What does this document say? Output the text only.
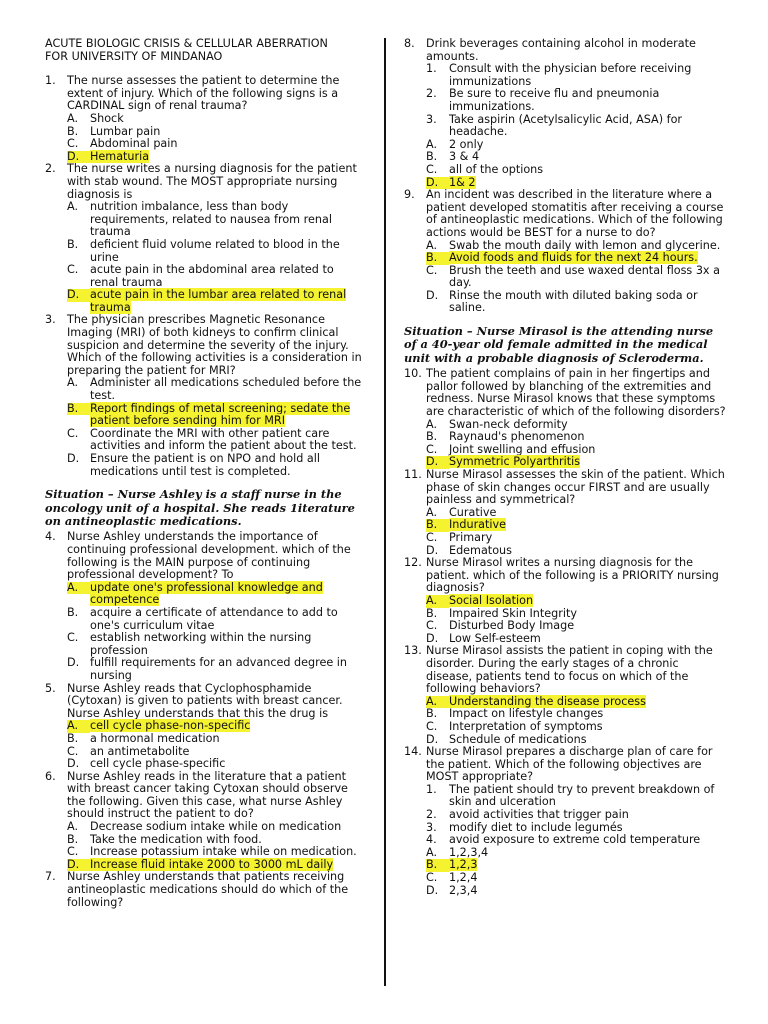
ACUTE BIOLOGIC CRISIS & CELLULAR ABERRATION
FOR UNIVERSITY OF MINDANAO
1.	The nurse assesses the patient to determine the extent of injury. Which of the following signs is a CARDINAL sign of renal trauma?
A.	Shock
B.	Lumbar pain
C.	Abdominal pain
D. Hematuria
2.	The nurse writes a nursing diagnosis for the patient with stab wound. The MOST appropriate nursing diagnosis is
A.	nutrition imbalance, less than body requirements, related to nausea from renal trauma
B.	deficient fluid volume related to blood in the urine
C.	acute pain in the abdominal area related to renal trauma
D. acute pain in the lumbar area related to renal trauma
3.	The physician prescribes Magnetic Resonance Imaging (MRI) of both kidneys to confirm clinical suspicion and determine the severity of the injury. Which of the following activities is a consideration in preparing the patient for MRI?
A.	Administer all medications scheduled before the test.
B.	Report findings of metal screening; sedate the patient before sending him for MRI
C.	Coordinate the MRI with other patient care activities and inform the patient about the test.
D. Ensure the patient is on NPO and hold all medications until test is completed.
Situation – Nurse Ashley is a staff nurse in the oncology unit of a hospital. She reads 1iterature on antineoplastic medications.
4.	Nurse Ashley understands the importance of continuing professional development. which of the following is the MAIN purpose of continuing professional development? To
A.	update one's professional knowledge and competence
B.	acquire a certificate of attendance to add to one's curriculum vitae
C.	establish networking within the nursing profession
D. fulfill requirements for an advanced degree in nursing
5.	Nurse Ashley reads that Cyclophosphamide (Cytoxan) is given to patients with breast cancer. Nurse Ashley understands that this the drug is
A.	cell cycle phase-non-specific
B.	a hormonal medication
C.	an antimetabolite
D. cell cycle phase-specific
6.	Nurse Ashley reads in the literature that a patient with breast cancer taking Cytoxan should observe the following. Given this case, what nurse Ashley should instruct the patient to do?
A.	Decrease sodium intake while on medication
B.	Take the medication with food.
C.	Increase potassium intake while on medication.
D. Increase fluid intake 2000 to 3000 mL daily
7.	Nurse Ashley understands that patients receiving antineoplastic medications should do which of the following?
8.	Drink beverages containing alcohol in moderate amounts.
1.	Consult with the physician before receiving immunizations
2.	Be sure to receive flu and pneumonia immunizations.
3.	Take aspirin (Acetylsalicylic Acid, ASA) for headache.
A.	2 only
B.	3 & 4
C.	all of the options
D. 1& 2
9.	An incident was described in the literature where a patient developed stomatitis after receiving a course of antineoplastic medications. Which of the following actions would be BEST for a nurse to do?
A.	Swab the mouth daily with lemon and glycerine.
B.	Avoid foods and fluids for the next 24 hours.
C.	Brush the teeth and use waxed dental floss 3x a day.
D. Rinse the mouth with diluted baking soda or saline.
Situation – Nurse Mirasol is the attending nurse of a 40-year old female admitted in the medical unit with a probable diagnosis of Scleroderma.
10. The patient complains of pain in her fingertips and pallor followed by blanching of the extremities and redness. Nurse Mirasol knows that these symptoms are characteristic of which of the following disorders?
A.	Swan-neck deformity
B.	Raynaud's phenomenon
C.	Joint swelling and effusion
D. Symmetric Polyarthritis
11. Nurse Mirasol assesses the skin of the patient. Which phase of skin changes occur FIRST and are usually painless and symmetrical?
A.	Curative
B.	Indurative
C.	Primary
D. Edematous
12. Nurse Mirasol writes a nursing diagnosis for the patient. which of the following is a PRIORITY nursing diagnosis?
A.	Social Isolation
B.	Impaired Skin Integrity
C.	Disturbed Body Image
D. Low Self-esteem
13. Nurse Mirasol assists the patient in coping with the disorder. During the early stages of a chronic disease, patients tend to focus on which of the following behaviors?
A.	Understanding the disease process
B.	Impact on lifestyle changes
C.	Interpretation of symptoms
D. Schedule of medications
14. Nurse Mirasol prepares a discharge plan of care for the patient. Which of the following objectives are MOST appropriate?
1.	The patient should try to prevent breakdown of skin and ulceration
2.	avoid activities that trigger pain
3.	modify diet to include legumés
4.	avoid exposure to extreme cold temperature
A.	1,2,3,4
B.	1,2,3
C.	1,2,4
D. 2,3,4
